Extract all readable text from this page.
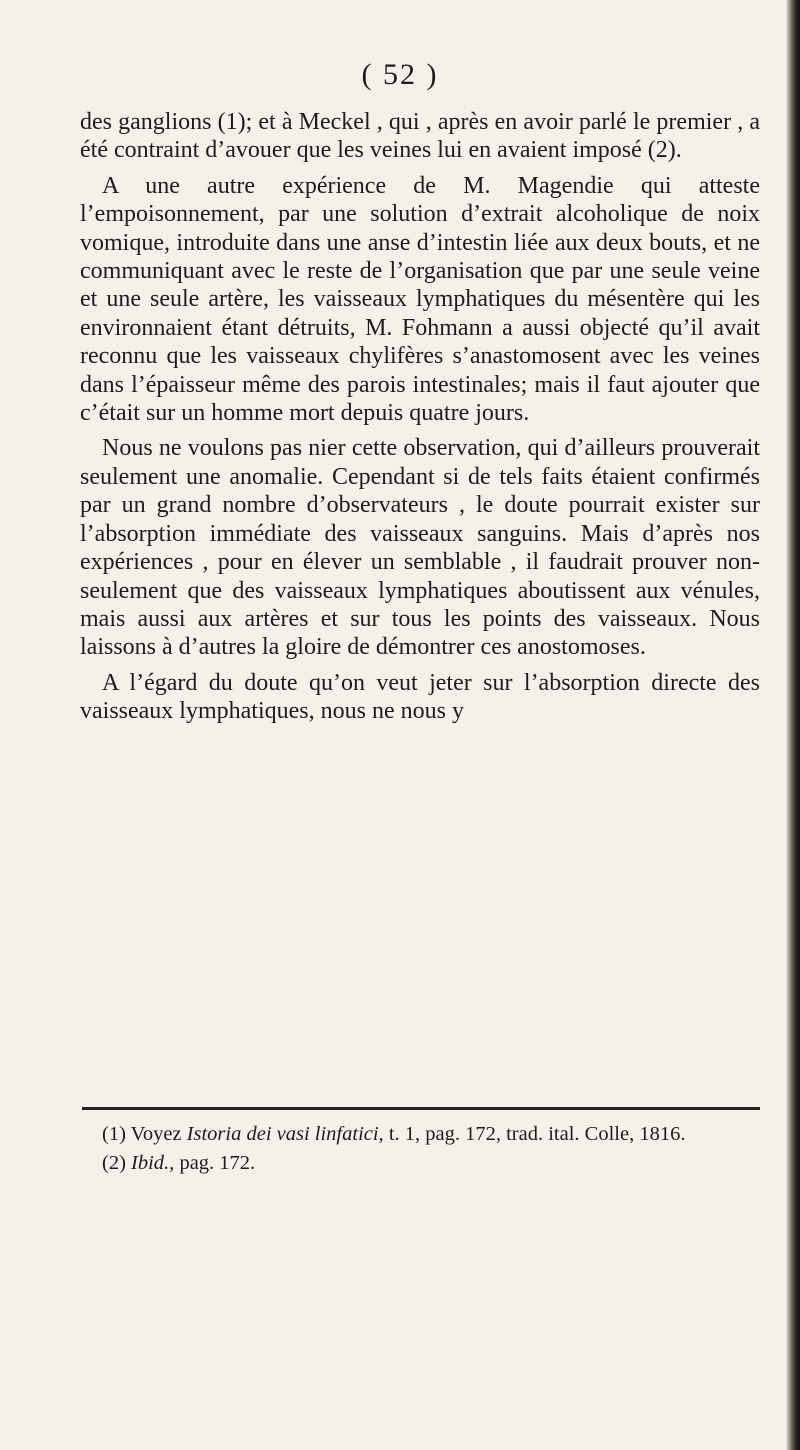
( 52 )

des ganglions (1); et à Meckel , qui , après en avoir parlé le premier , a été contraint d’avouer que les veines lui en avaient imposé (2).

A une autre expérience de M. Magendie qui atteste l’empoisonnement, par une solution d’extrait alcoholique de noix vomique, introduite dans une anse d’intestin liée aux deux bouts, et ne communiquant avec le reste de l’organisation que par une seule veine et une seule artère, les vaisseaux lymphatiques du mésentère qui les environnaient étant détruits, M. Fohmann a aussi objecté qu’il avait reconnu que les vaisseaux chylifères s’anastomosent avec les veines dans l’épaisseur même des parois intestinales; mais il faut ajouter que c’était sur un homme mort depuis quatre jours.

Nous ne voulons pas nier cette observation, qui d’ailleurs prouverait seulement une anomalie. Cependant si de tels faits étaient confirmés par un grand nombre d’observateurs , le doute pourrait exister sur l’absorption immédiate des vaisseaux sanguins. Mais d’après nos expériences , pour en élever un semblable , il faudrait prouver non-seulement que des vaisseaux lymphatiques aboutissent aux vénules, mais aussi aux artères et sur tous les points des vaisseaux. Nous laissons à d’autres la gloire de démontrer ces anostomoses.

A l’égard du doute qu’on veut jeter sur l’absorption directe des vaisseaux lymphatiques, nous ne nous y

(1) Voyez Istoria dei vasi linfatici, t. 1, pag. 172, trad. ital. Colle, 1816.

(2) Ibid., pag. 172.
